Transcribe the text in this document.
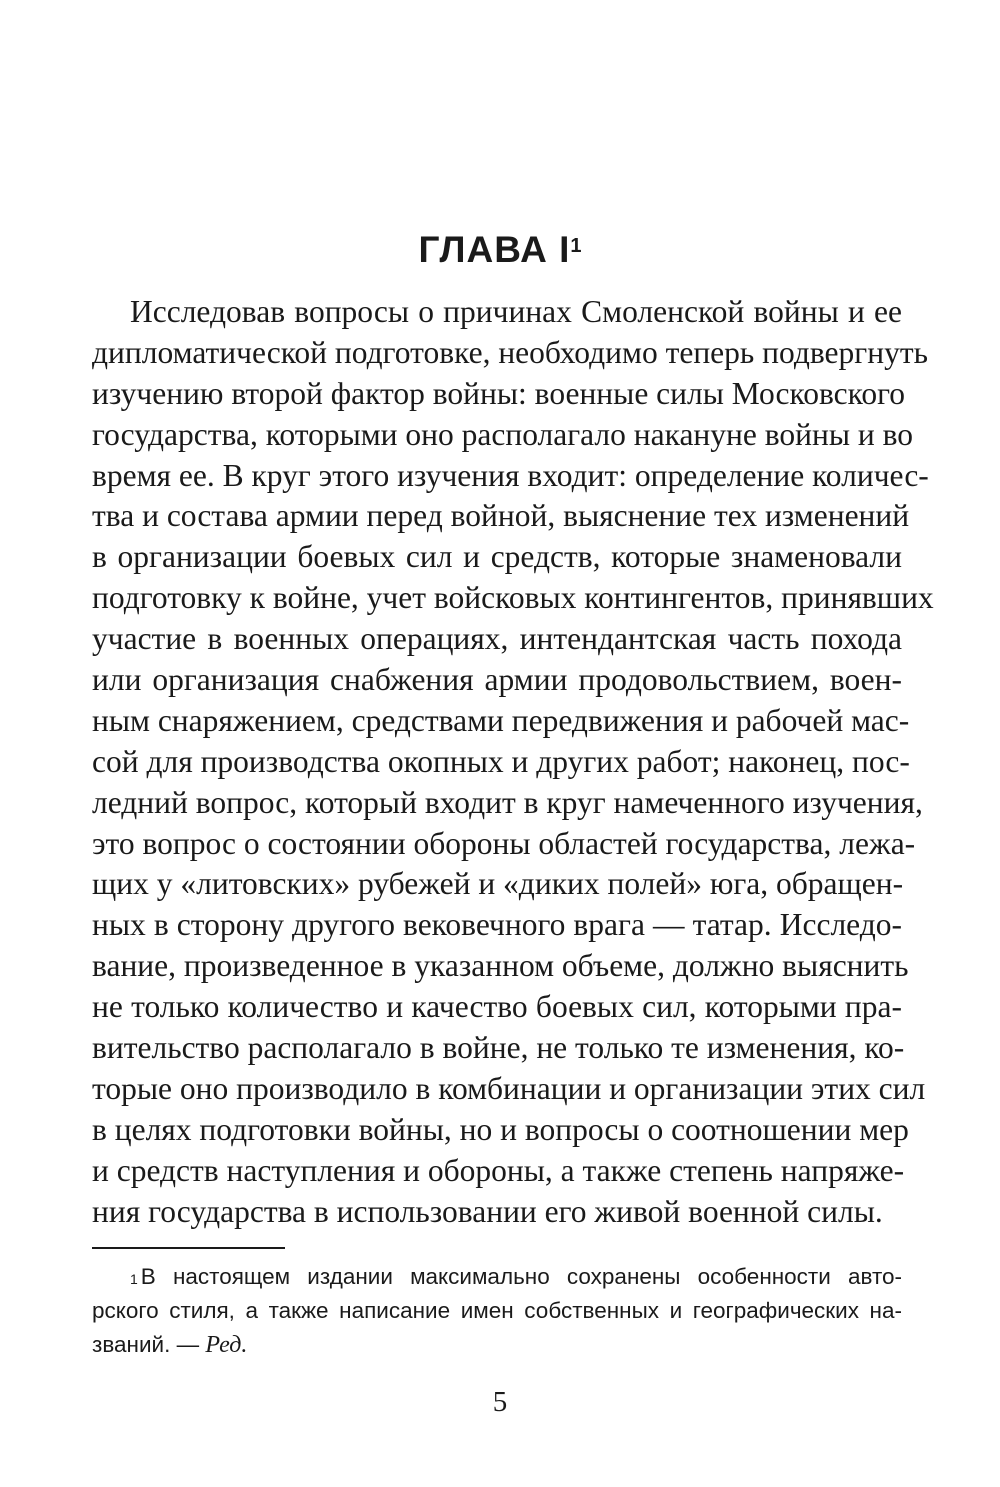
ГЛАВА $I^1$
Исследовав вопросы о причинах Смоленской войны и ее
дипломатической подготовке, необходимо теперь подвергнуть
изучению второй фактор войны: военные силы Московского
государства, которыми оно располагало накануне войны и во
время ее. В круг этого изучения входит: определение количес-
тва и состава армии перед войной, выяснение тех изменений
в организации боевых сил и средств, которые знаменовали
подготовку к войне, учет войсковых контингентов, принявших
участие в военных операциях, интендантская часть похода
или организация снабжения армии продовольствием, воен-
ным снаряжением, средствами передвижения и рабочей мас-
сой для производства окопных и других работ; наконец, пос-
ледний вопрос, который входит в круг намеченного изучения,
это вопрос о состоянии обороны областей государства, лежа-
щих у «литовских» рубежей и «диких полей» юга, обращен-
ных в сторону другого вековечного врага — татар. Исследо-
вание, произведенное в указанном объеме, должно выяснить
не только количество и качество боевых сил, которыми пра-
вительство располагало в войне, не только те изменения, ко-
торые оно производило в комбинации и организации этих сил
в целях подготовки войны, но и вопросы о соотношении мер
и средств наступления и обороны, а также степень напряже-
ния государства в использовании его живой военной силы.
$^1$ В настоящем издании максимально сохранены особенности авто-
рского стиля, а также написание имен собственных и географических на-
званий. — Ред.
5
